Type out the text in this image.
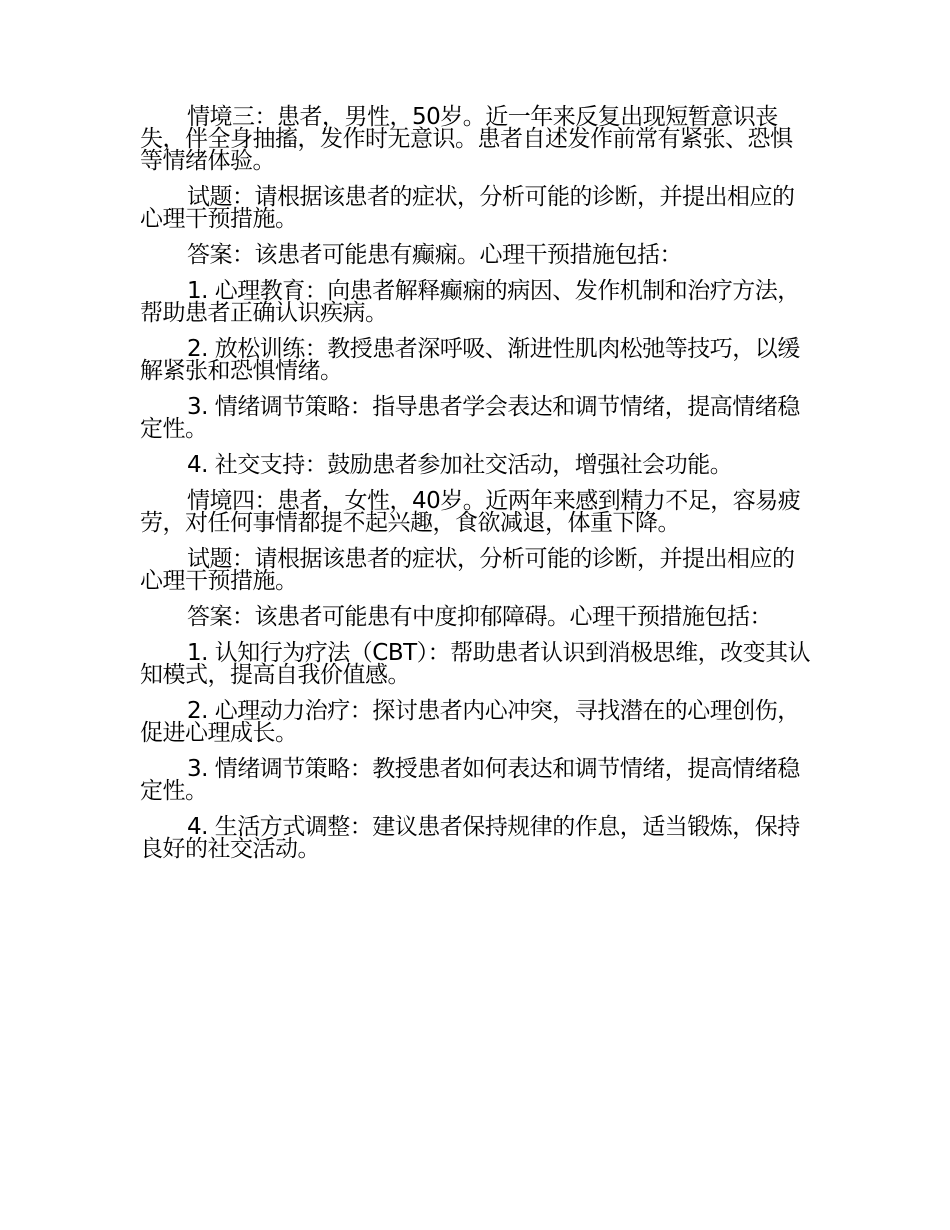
情境三：患者，男性，50岁。近一年来反复出现短暂意识丧失，伴全身抽搐，发作时无意识。患者自述发作前常有紧张、恐惧等情绪体验。

试题：请根据该患者的症状，分析可能的诊断，并提出相应的心理干预措施。

答案：该患者可能患有癫痫。心理干预措施包括：

1. 心理教育：向患者解释癫痫的病因、发作机制和治疗方法，帮助患者正确认识疾病。

2. 放松训练：教授患者深呼吸、渐进性肌肉松弛等技巧，以缓解紧张和恐惧情绪。

3. 情绪调节策略：指导患者学会表达和调节情绪，提高情绪稳定性。

4. 社交支持：鼓励患者参加社交活动，增强社会功能。

情境四：患者，女性，40岁。近两年来感到精力不足，容易疲劳，对任何事情都提不起兴趣，食欲减退，体重下降。

试题：请根据该患者的症状，分析可能的诊断，并提出相应的心理干预措施。

答案：该患者可能患有中度抑郁障碍。心理干预措施包括：

1. 认知行为疗法（CBT）：帮助患者认识到消极思维，改变其认知模式，提高自我价值感。

2. 心理动力治疗：探讨患者内心冲突，寻找潜在的心理创伤，促进心理成长。

3. 情绪调节策略：教授患者如何表达和调节情绪，提高情绪稳定性。

4. 生活方式调整：建议患者保持规律的作息，适当锻炼，保持良好的社交活动。
